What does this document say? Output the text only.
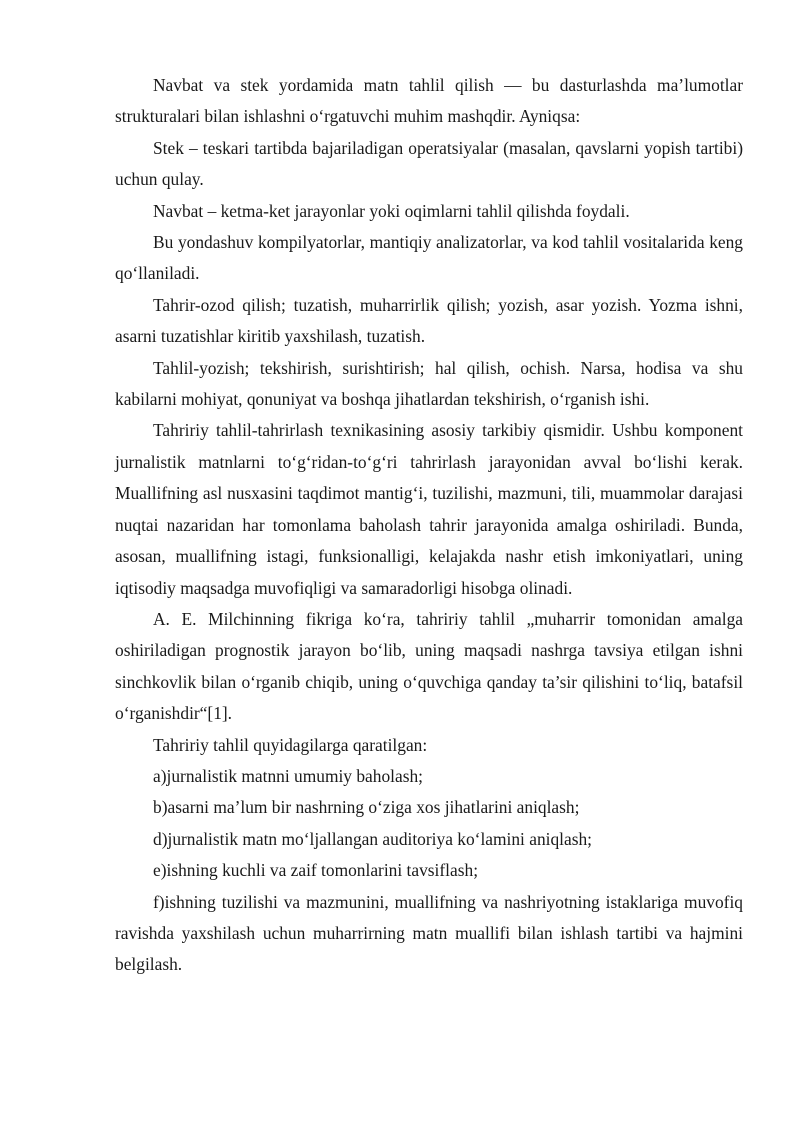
Navbat va stek yordamida matn tahlil qilish — bu dasturlashda ma’lumotlar strukturalari bilan ishlashni o‘rgatuvchi muhim mashqdir. Ayniqsa:

Stek – teskari tartibda bajariladigan operatsiyalar (masalan, qavslarni yopish tartibi) uchun qulay.

Navbat – ketma-ket jarayonlar yoki oqimlarni tahlil qilishda foydali.

Bu yondashuv kompilyatorlar, mantiqiy analizatorlar, va kod tahlil vositalarida keng qo‘llaniladi.

Tahrir-ozod qilish; tuzatish, muharrirlik qilish; yozish, asar yozish. Yozma ishni, asarni tuzatishlar kiritib yaxshilash, tuzatish.

Tahlil-yozish; tekshirish, surishtirish; hal qilish, ochish. Narsa, hodisa va shu kabilarni mohiyat, qonuniyat va boshqa jihatlardan tekshirish, o‘rganish ishi.

Tahririy tahlil-tahrirlash texnikasining asosiy tarkibiy qismidir. Ushbu komponent jurnalistik matnlarni to‘g‘ridan-to‘g‘ri tahrirlash jarayonidan avval bo‘lishi kerak. Muallifning asl nusxasini taqdimot mantig‘i, tuzilishi, mazmuni, tili, muammolar darajasi nuqtai nazaridan har tomonlama baholash tahrir jarayonida amalga oshiriladi. Bunda, asosan, muallifning istagi, funksionalligi, kelajakda nashr etish imkoniyatlari, uning iqtisodiy maqsadga muvofiqligi va samaradorligi hisobga olinadi.

A. E. Milchinning fikriga ko‘ra, tahririy tahlil „muharrir tomonidan amalga oshiriladigan prognostik jarayon bo‘lib, uning maqsadi nashrga tavsiya etilgan ishni sinchkovlik bilan o‘rganib chiqib, uning o‘quvchiga qanday ta’sir qilishini to‘liq, batafsil o‘rganishdir“[1].

Tahririy tahlil quyidagilarga qaratilgan:

a)jurnalistik matnni umumiy baholash;

b)asarni ma’lum bir nashrning o‘ziga xos jihatlarini aniqlash;

d)jurnalistik matn mo‘ljallangan auditoriya ko‘lamini aniqlash;

e)ishning kuchli va zaif tomonlarini tavsiflash;

f)ishning tuzilishi va mazmunini, muallifning va nashriyotning istaklariga muvofiq ravishda yaxshilash uchun muharrirning matn muallifi bilan ishlash tartibi va hajmini belgilash.
